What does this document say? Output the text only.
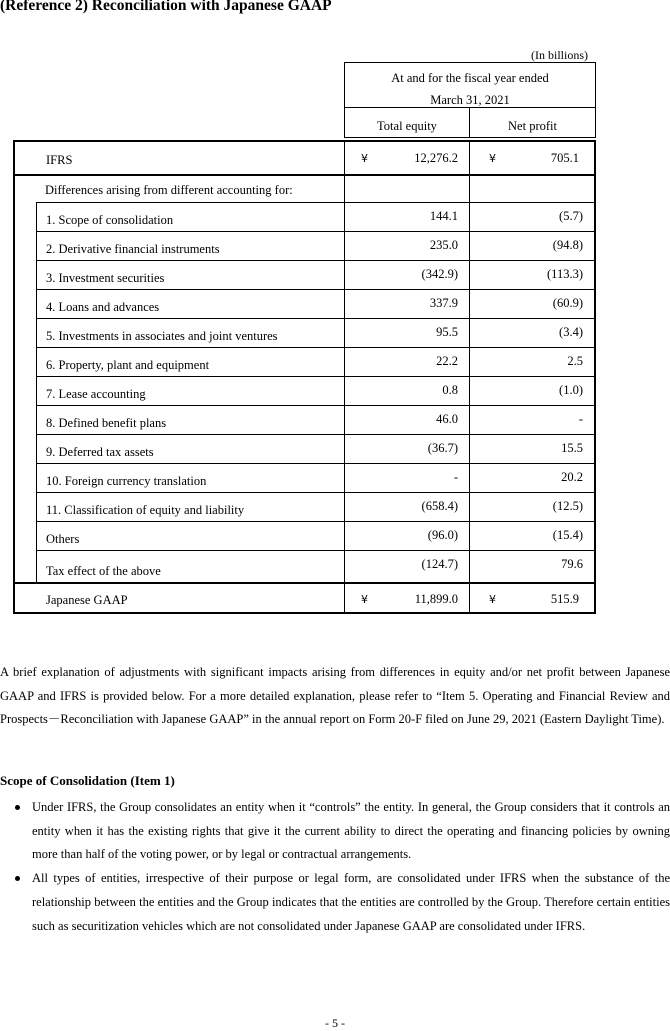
(Reference 2) Reconciliation with Japanese GAAP
(In billions)
At and for the fiscal year ended
March 31, 2021
Total equity	Net profit
IFRS	¥	12,276.2	¥	705.1
Differences arising from different accounting for:
1. Scope of consolidation	144.1	(5.7)
2. Derivative financial instruments	235.0	(94.8)
3. Investment securities	(342.9)	(113.3)
4. Loans and advances	337.9	(60.9)
5. Investments in associates and joint ventures	95.5	(3.4)
6. Property, plant and equipment	22.2	2.5
7. Lease accounting	0.8	(1.0)
8. Defined benefit plans	46.0	-
9. Deferred tax assets	(36.7)	15.5
10. Foreign currency translation	-	20.2
11. Classification of equity and liability	(658.4)	(12.5)
Others	(96.0)	(15.4)
Tax effect of the above	(124.7)	79.6
Japanese GAAP	¥	11,899.0	¥	515.9

A brief explanation of adjustments with significant impacts arising from differences in equity and/or net profit between Japanese GAAP and IFRS is provided below. For a more detailed explanation, please refer to “Item 5. Operating and Financial Review and Prospects－Reconciliation with Japanese GAAP” in the annual report on Form 20-F filed on June 29, 2021 (Eastern Daylight Time).

Scope of Consolidation (Item 1)
Under IFRS, the Group consolidates an entity when it “controls” the entity. In general, the Group considers that it controls an entity when it has the existing rights that give it the current ability to direct the operating and financing policies by owning more than half of the voting power, or by legal or contractual arrangements.
All types of entities, irrespective of their purpose or legal form, are consolidated under IFRS when the substance of the relationship between the entities and the Group indicates that the entities are controlled by the Group. Therefore certain entities such as securitization vehicles which are not consolidated under Japanese GAAP are consolidated under IFRS.
- 5 -
